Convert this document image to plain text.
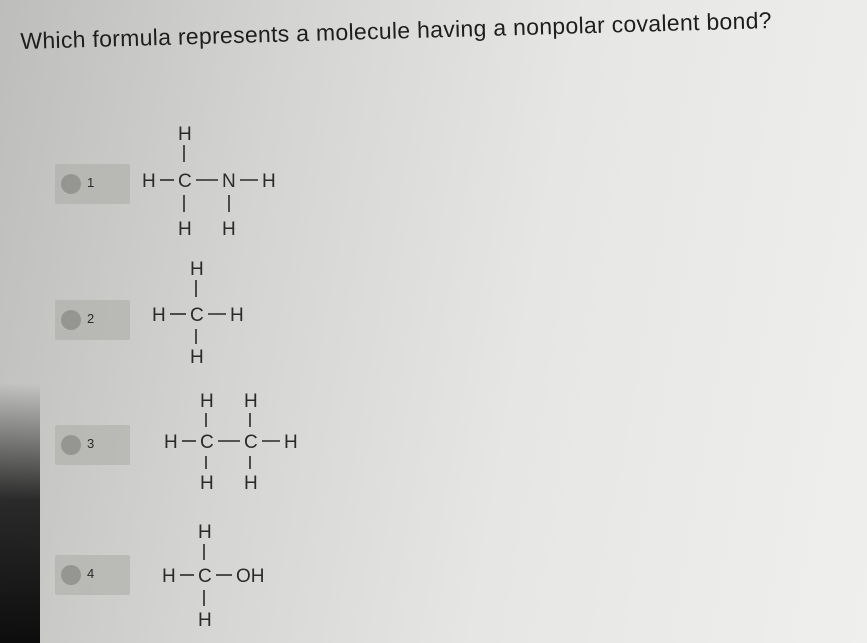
Which formula represents a molecule having a nonpolar covalent bond?
1
H
H C N H
H H
2
H
H C H
H
3
H H
H C C H
H H
4
H
H C OH
H
